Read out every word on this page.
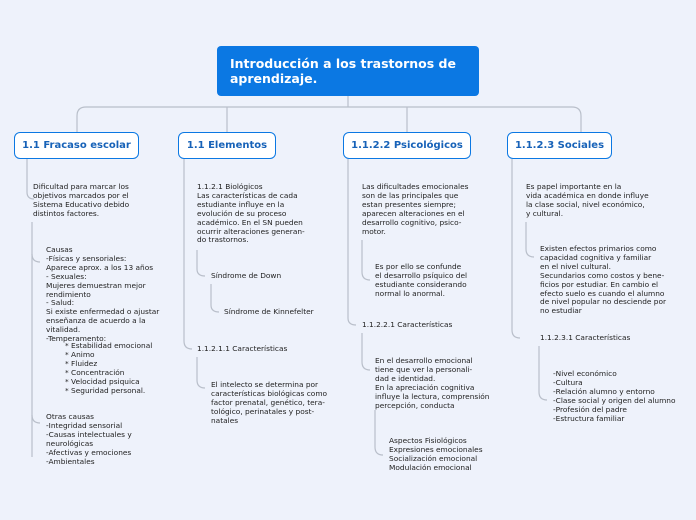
Introducción a los trastornos de
aprendizaje.
1.1 Fracaso escolar	1.1 Elementos	1.1.2.2 Psicológicos	1.1.2.3 Sociales
Dificultad para marcar los
objetivos marcados por el
Sistema Educativo debido
distintos factores.
Causas
-Físicas y sensoriales:
Aparece aprox. a los 13 años
- Sexuales:
Mujeres demuestran mejor
rendimiento
- Salud:
Si existe enfermedad o ajustar
enseñanza de acuerdo a la
vitalidad.
-Temperamento:
* Estabilidad emocional
* Animo
* Fluidez
* Concentración
* Velocidad psiquica
* Seguridad personal.
Otras causas
-Integridad sensorial
-Causas intelectuales y
neurológicas
-Afectivas y emociones
-Ambientales
1.1.2.1 Biológicos
Las características de cada
estudiante influye en la
evolución de su proceso
académico. En el SN pueden
ocurrir alteraciones generan-
do trastornos.
Síndrome de Down
Síndrome de Kinnefelter
1.1.2.1.1 Características
El intelecto se determina por
características biológicas como
factor prenatal, genético, tera-
tológico, perinatales y post-
natales
Las dificultades emocionales
son de las principales que
estan presentes siempre;
aparecen alteraciones en el
desarrollo cognitivo, psico-
motor.
Es por ello se confunde
el desarrollo psíquico del
estudiante considerando
normal lo anormal.
1.1.2.2.1 Características
En el desarrollo emocional
tiene que ver la personali-
dad e identidad.
En la apreciación cognitiva
influye la lectura, comprensión
percepción, conducta
Aspectos Fisiológicos
Expresiones emocionales
Socialización emocional
Modulación emocional
Es papel importante en la
vida académica en donde influye
la clase social, nivel económico,
y cultural.
Existen efectos primarios como
capacidad cognitiva y familiar
en el nivel cultural.
Secundarios como costos y bene-
ficios por estudiar. En cambio el
efecto suelo es cuando el alumno
de nivel popular no desciende por
no estudiar
1.1.2.3.1 Características
-Nivel económico
-Cultura
-Relación alumno y entorno
-Clase social y origen del alumno
-Profesión del padre
-Estructura familiar
